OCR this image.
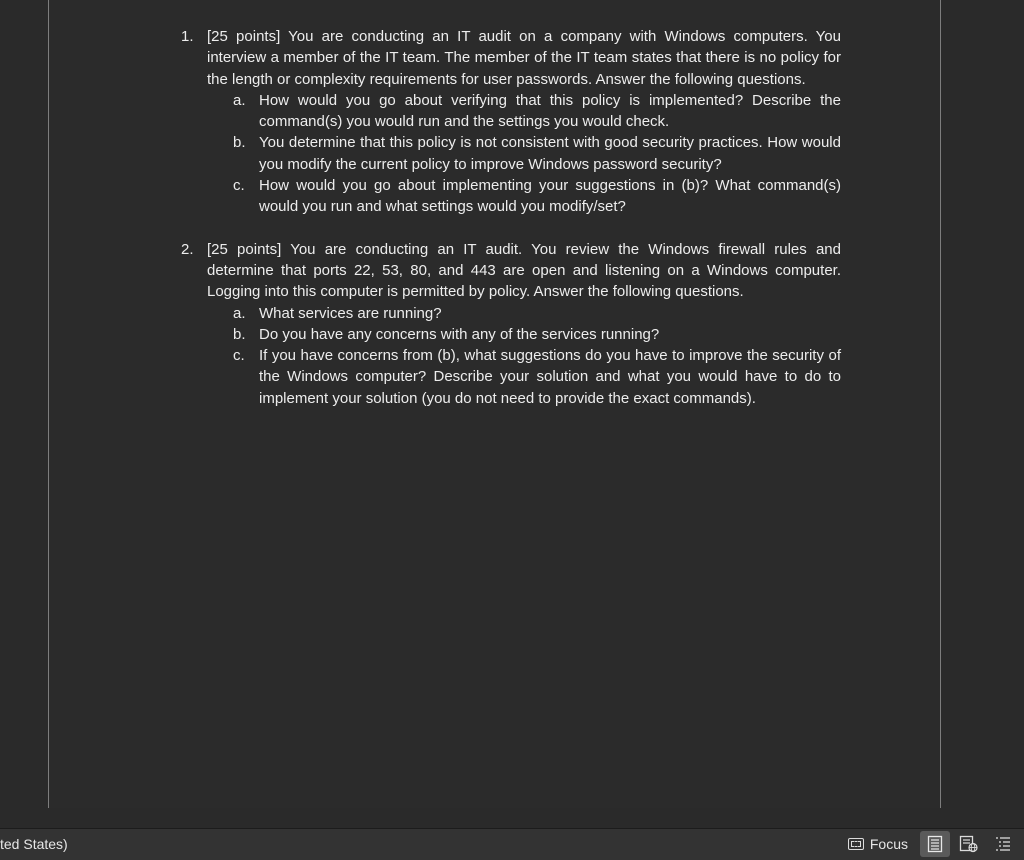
1. [25 points] You are conducting an IT audit on a company with Windows computers. You interview a member of the IT team. The member of the IT team states that there is no policy for the length or complexity requirements for user passwords. Answer the following questions.
a. How would you go about verifying that this policy is implemented? Describe the command(s) you would run and the settings you would check.
b. You determine that this policy is not consistent with good security practices. How would you modify the current policy to improve Windows password security?
c. How would you go about implementing your suggestions in (b)? What command(s) would you run and what settings would you modify/set?
2. [25 points] You are conducting an IT audit. You review the Windows firewall rules and determine that ports 22, 53, 80, and 443 are open and listening on a Windows computer. Logging into this computer is permitted by policy. Answer the following questions.
a. What services are running?
b. Do you have any concerns with any of the services running?
c. If you have concerns from (b), what suggestions do you have to improve the security of the Windows computer? Describe your solution and what you would have to do to implement your solution (you do not need to provide the exact commands).
ted States)	Focus
